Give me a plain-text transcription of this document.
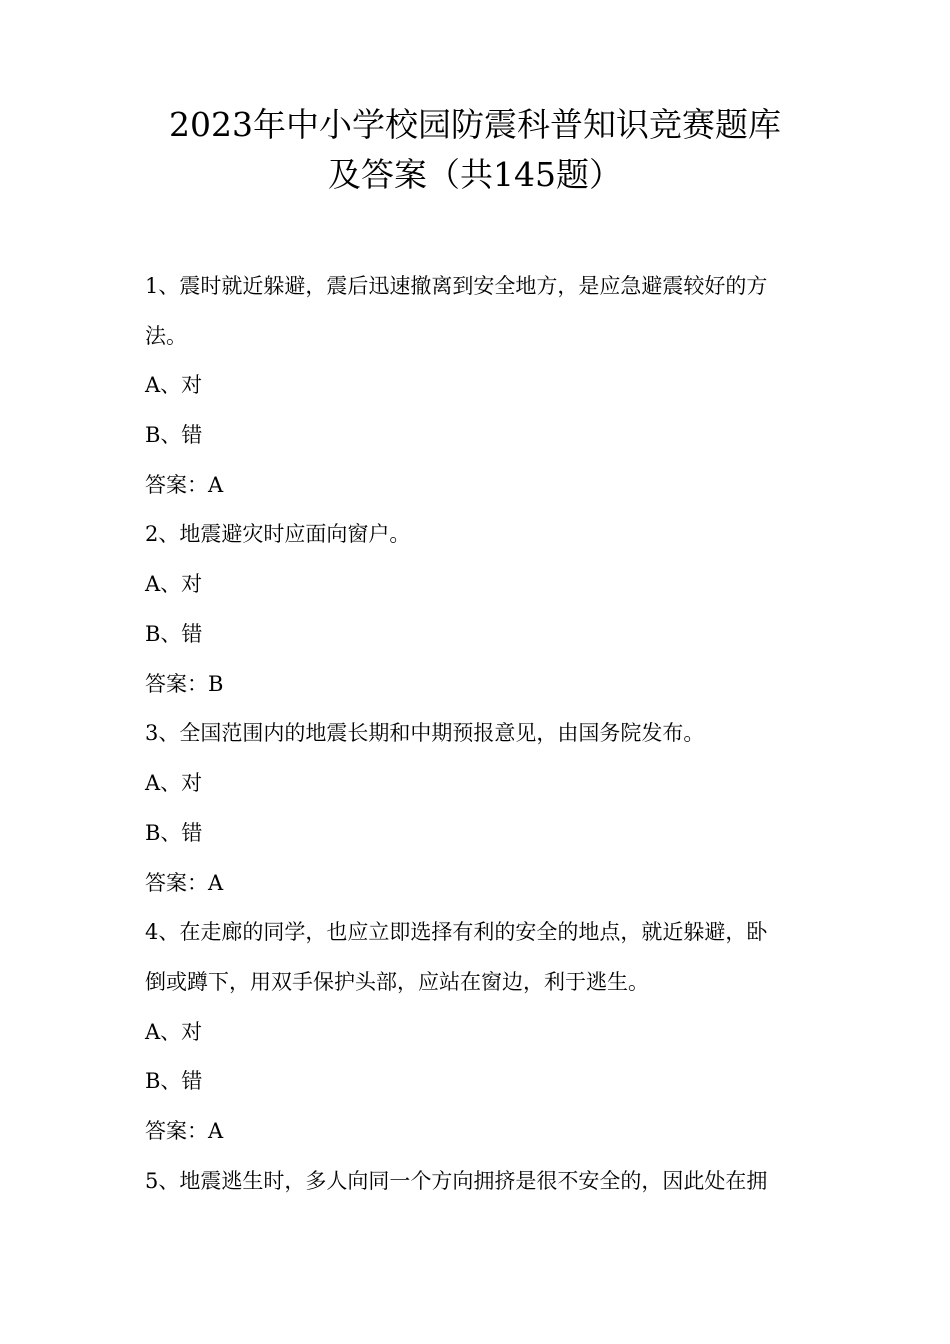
2023年中小学校园防震科普知识竞赛题库
及答案（共145题）
1、震时就近躲避，震后迅速撤离到安全地方，是应急避震较好的方
法。
A、对
B、错
答案：A
2、地震避灾时应面向窗户。
A、对
B、错
答案：B
3、全国范围内的地震长期和中期预报意见，由国务院发布。
A、对
B、错
答案：A
4、在走廊的同学，也应立即选择有利的安全的地点，就近躲避，卧
倒或蹲下，用双手保护头部，应站在窗边，利于逃生。
A、对
B、错
答案：A
5、地震逃生时，多人向同一个方向拥挤是很不安全的，因此处在拥
